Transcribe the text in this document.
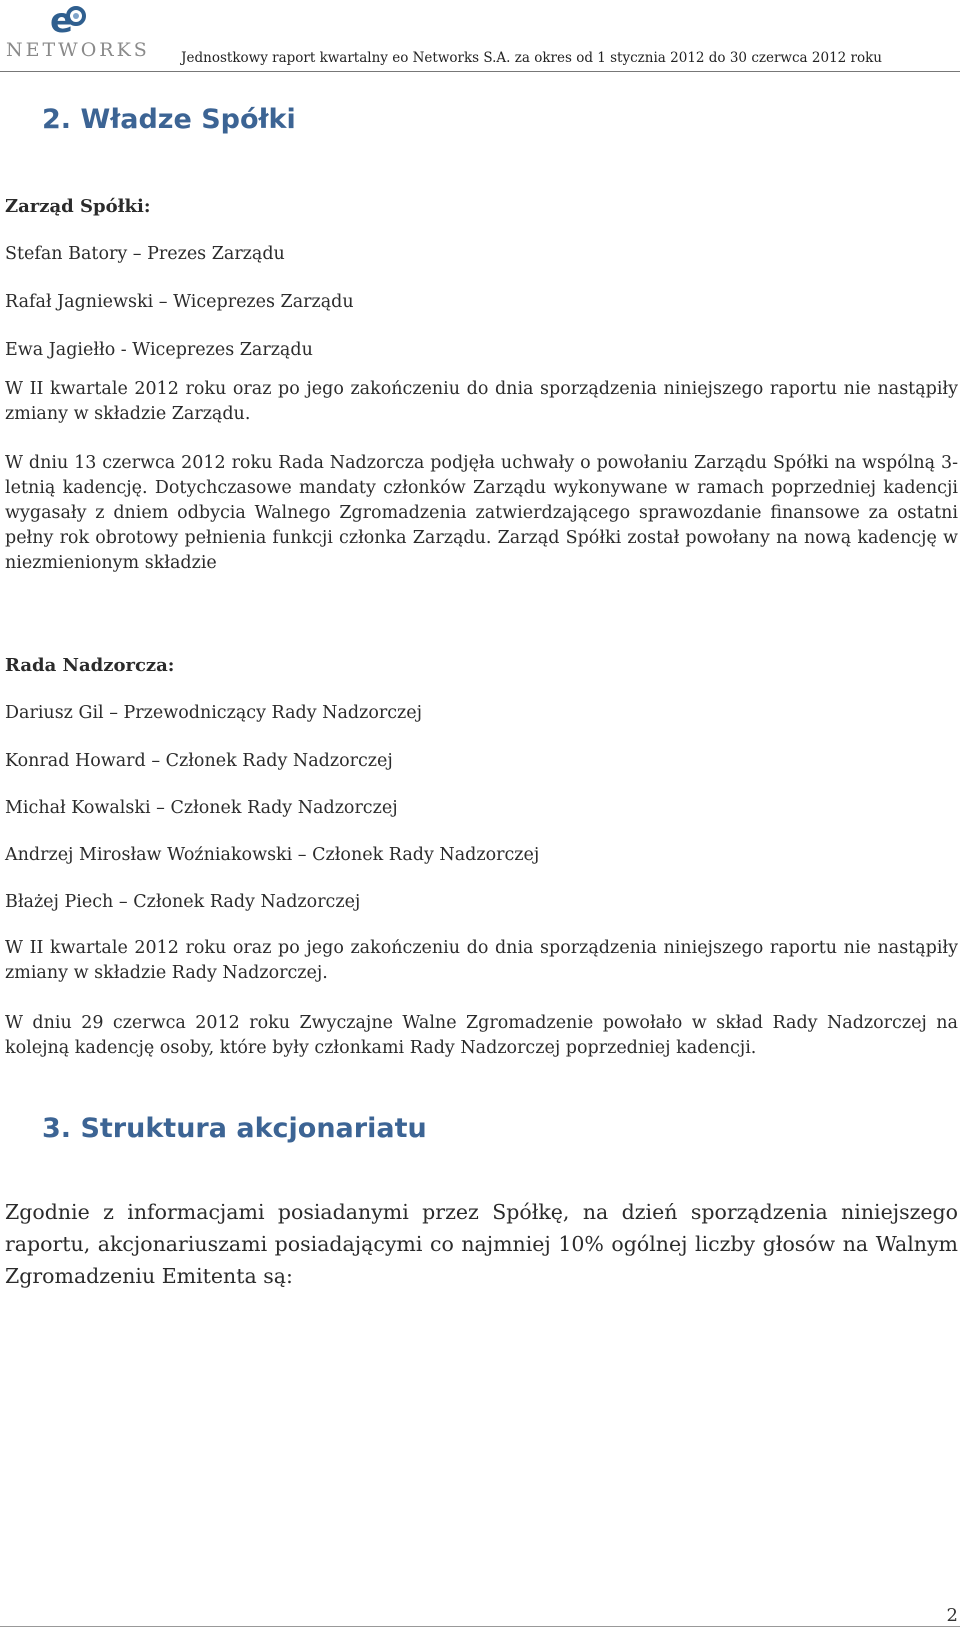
e
NETWORKS	Jednostkowy raport kwartalny eo Networks S.A. za okres od 1 stycznia 2012 do 30 czerwca 2012 roku
2. Władze Spółki
Zarząd Spółki:
Stefan Batory – Prezes Zarządu
Rafał Jagniewski – Wiceprezes Zarządu
Ewa Jagiełło - Wiceprezes Zarządu
W II kwartale 2012 roku oraz po jego zakończeniu do dnia sporządzenia niniejszego raportu nie nastąpiły zmiany w składzie Zarządu.
W dniu 13 czerwca 2012 roku Rada Nadzorcza podjęła uchwały o powołaniu Zarządu Spółki na wspólną 3-letnią kadencję. Dotychczasowe mandaty członków Zarządu wykonywane w ramach poprzedniej kadencji wygasały z dniem odbycia Walnego Zgromadzenia zatwierdzającego sprawozdanie finansowe za ostatni pełny rok obrotowy pełnienia funkcji członka Zarządu. Zarząd Spółki został powołany na nową kadencję w niezmienionym składzie
Rada Nadzorcza:
Dariusz Gil – Przewodniczący Rady Nadzorczej
Konrad Howard – Członek Rady Nadzorczej
Michał Kowalski – Członek Rady Nadzorczej
Andrzej Mirosław Woźniakowski – Członek Rady Nadzorczej
Błażej Piech – Członek Rady Nadzorczej
W II kwartale 2012 roku oraz po jego zakończeniu do dnia sporządzenia niniejszego raportu nie nastąpiły zmiany w składzie Rady Nadzorczej.
W dniu 29 czerwca 2012 roku Zwyczajne Walne Zgromadzenie powołało w skład Rady Nadzorczej na kolejną kadencję osoby, które były członkami Rady Nadzorczej poprzedniej kadencji.
3. Struktura akcjonariatu
Zgodnie z informacjami posiadanymi przez Spółkę, na dzień sporządzenia niniejszego raportu, akcjonariuszami posiadającymi co najmniej 10% ogólnej liczby głosów na Walnym Zgromadzeniu Emitenta są:
2
